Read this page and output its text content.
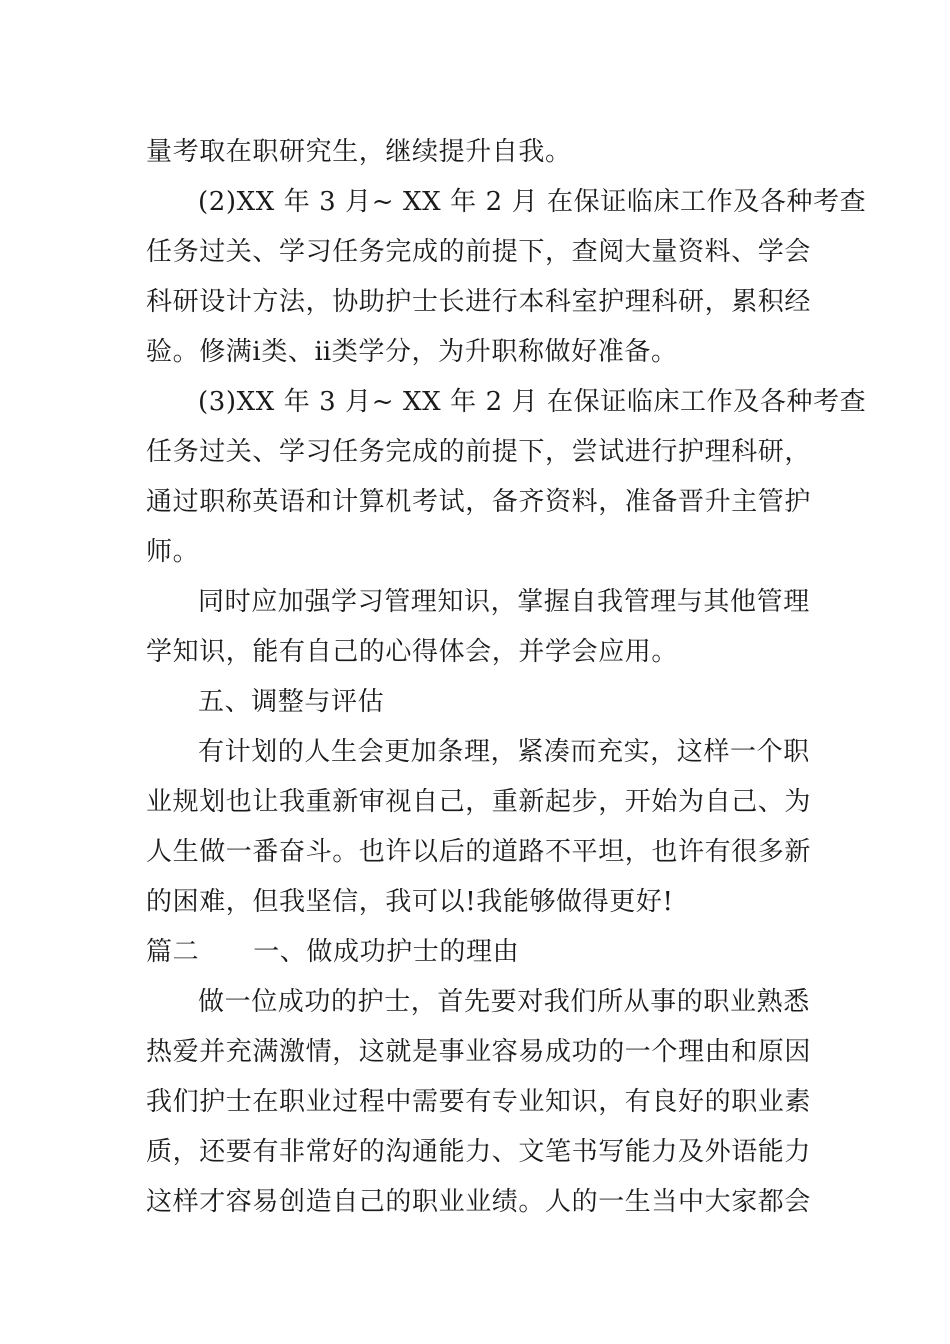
量考取在职研究生，继续提升自我。

(2)XX 年 3 月~ XX 年 2 月 在保证临床工作及各种考查

任务过关、学习任务完成的前提下，查阅大量资料、学会

科研设计方法，协助护士长进行本科室护理科研，累积经

验。修满ⅰ类、ⅱ类学分，为升职称做好准备。

(3)XX 年 3 月~ XX 年 2 月 在保证临床工作及各种考查

任务过关、学习任务完成的前提下，尝试进行护理科研，

通过职称英语和计算机考试，备齐资料，准备晋升主管护

师。

同时应加强学习管理知识，掌握自我管理与其他管理

学知识，能有自己的心得体会，并学会应用。

五、调整与评估

有计划的人生会更加条理，紧凑而充实，这样一个职

业规划也让我重新审视自己，重新起步，开始为自己、为

人生做一番奋斗。也许以后的道路不平坦，也许有很多新

的困难，但我坚信，我可以!我能够做得更好!

篇二 一、做成功护士的理由

做一位成功的护士，首先要对我们所从事的职业熟悉

热爱并充满激情，这就是事业容易成功的一个理由和原因

我们护士在职业过程中需要有专业知识，有良好的职业素

质，还要有非常好的沟通能力、文笔书写能力及外语能力

这样才容易创造自己的职业业绩。人的一生当中大家都会
